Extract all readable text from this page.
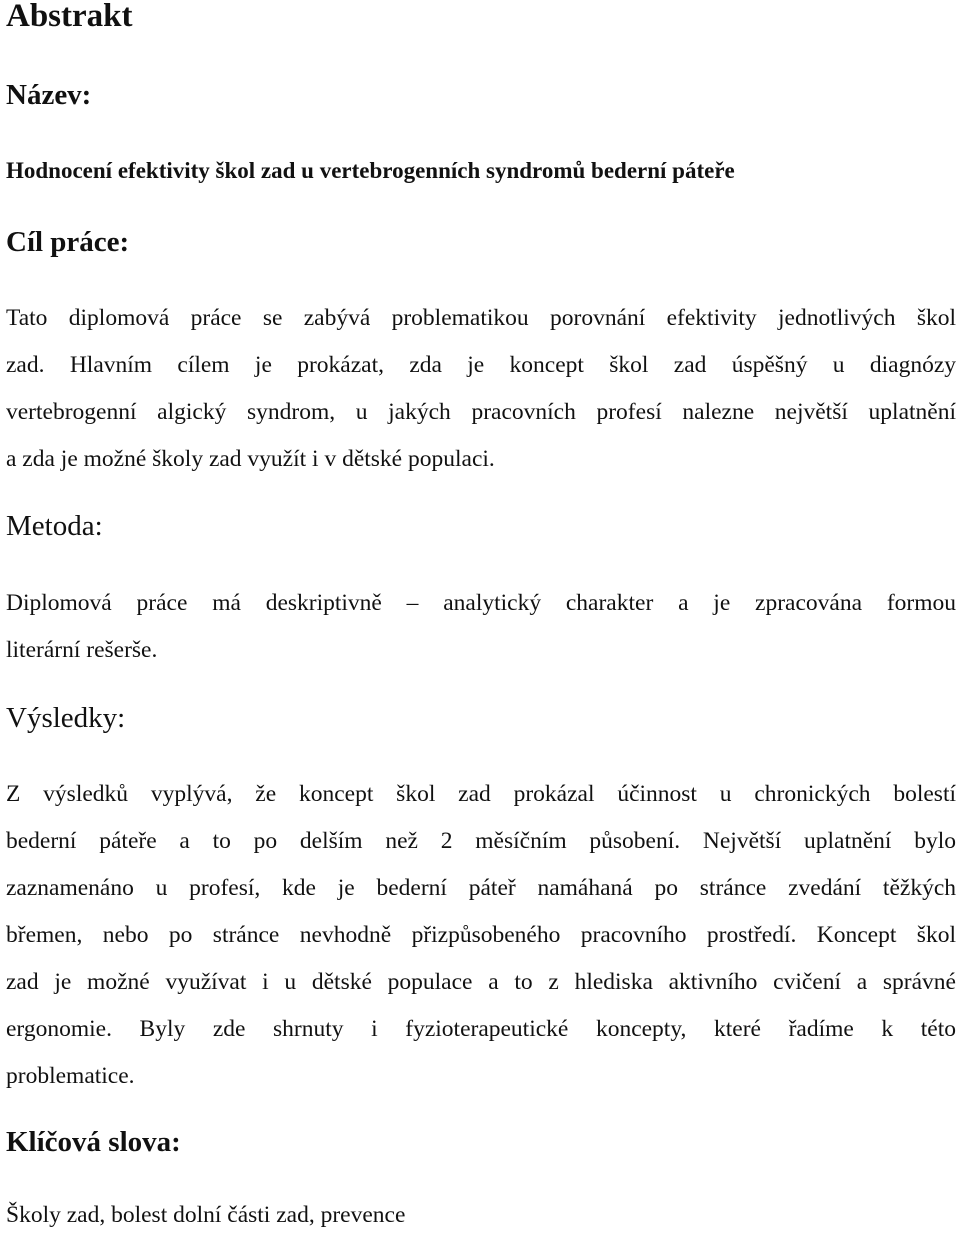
Abstrakt
Název:
Hodnocení efektivity škol zad u vertebrogenních syndromů bederní páteře
Cíl práce:
Tato diplomová práce se zabývá problematikou porovnání efektivity jednotlivých škol
zad. Hlavním cílem je prokázat, zda je koncept škol zad úspěšný u diagnózy
vertebrogenní algický syndrom, u jakých pracovních profesí nalezne největší uplatnění
a zda je možné školy zad využít i v dětské populaci.
Metoda:
Diplomová práce má deskriptivně – analytický charakter a je zpracována formou
literární rešerše.
Výsledky:
Z výsledků vyplývá, že koncept škol zad prokázal účinnost u chronických bolestí
bederní páteře a to po delším než 2 měsíčním působení. Největší uplatnění bylo
zaznamenáno u profesí, kde je bederní páteř namáhaná po stránce zvedání těžkých
břemen, nebo po stránce nevhodně přizpůsobeného pracovního prostředí. Koncept škol
zad je možné využívat i u dětské populace a to z hlediska aktivního cvičení a správné
ergonomie. Byly zde shrnuty i fyzioterapeutické koncepty, které řadíme k této
problematice.
Klíčová slova:
Školy zad, bolest dolní části zad, prevence
